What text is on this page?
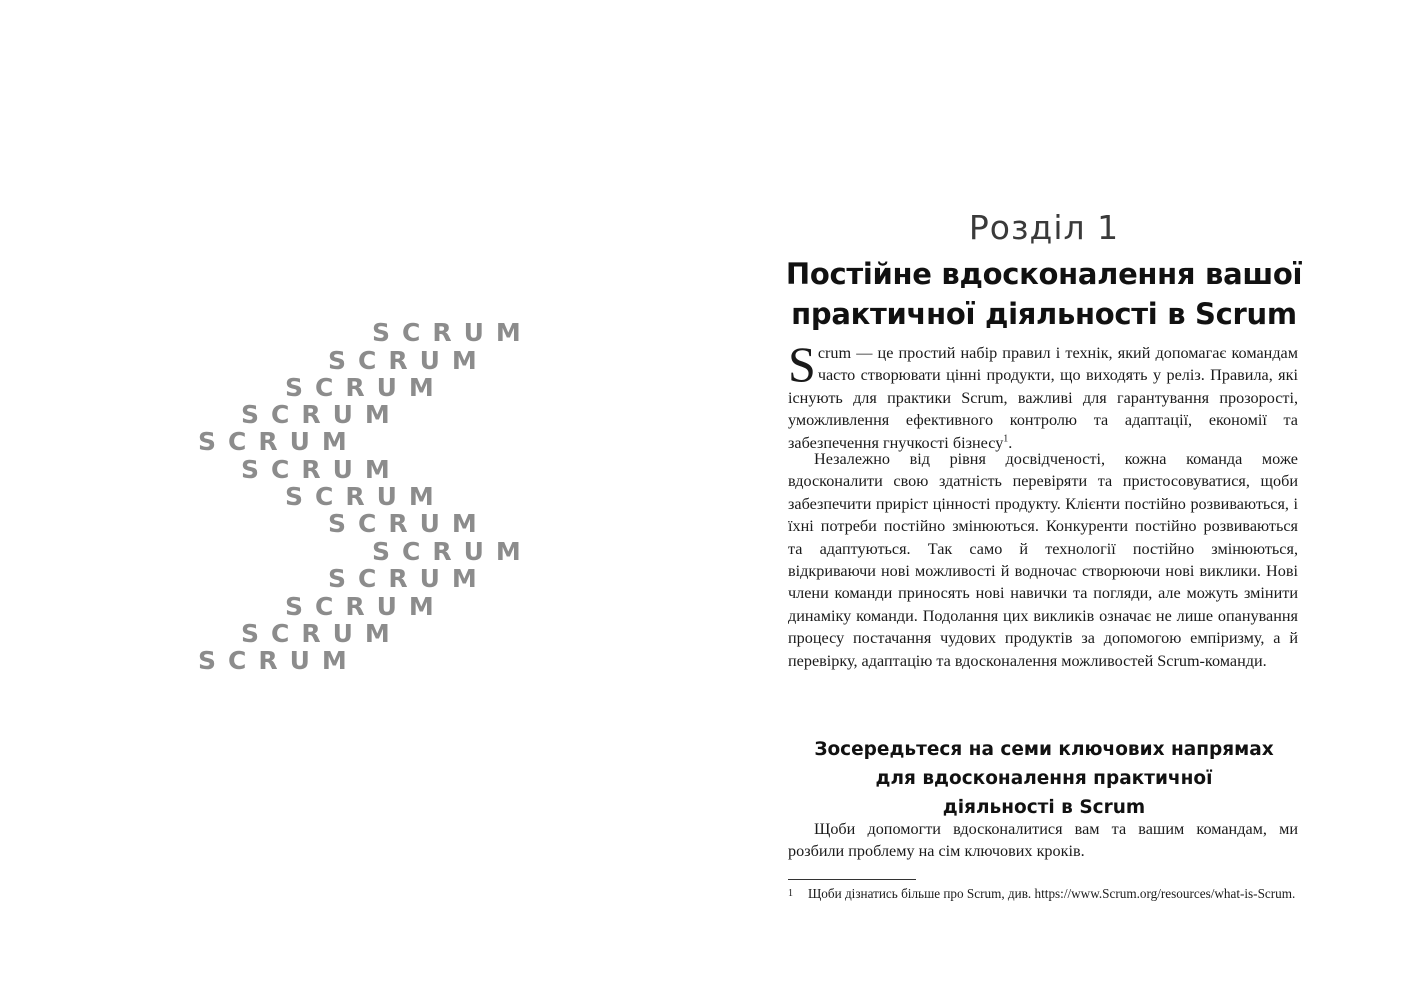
SCRUM
SCRUM
SCRUM
SCRUM
SCRUM
SCRUM
SCRUM
SCRUM
SCRUM
SCRUM
SCRUM
SCRUM
SCRUM
Розділ 1
Постійне вдосконалення вашої
практичної діяльності в Scrum

Scrum — це простий набір правил і технік, який допомагає командам часто створювати цінні продукти, що виходять у реліз. Правила, які існують для практики Scrum, важливі для гарантування прозорості, уможливлення ефективного контролю та адаптації, економії та забезпечення гнучкості бізнесу$^1$.

Незалежно від рівня досвідченості, кожна команда може вдосконалити свою здатність перевіряти та пристосовуватися, щоби забезпечити приріст цінності продукту. Клієнти постійно розвиваються, і їхні потреби постійно змінюються. Конкуренти постійно розвиваються та адаптуються. Так само й технології постійно змінюються, відкриваючи нові можливості й водночас створюючи нові виклики. Нові члени команди приносять нові навички та погляди, але можуть змінити динаміку команди. Подолання цих викликів означає не лише опанування процесу постачання чудових продуктів за допомогою емпіризму, а й перевірку, адаптацію та вдосконалення можливостей Scrum-команди.

Зосередьтеся на семи ключових напрямах
для вдосконалення практичної
діяльності в Scrum

Щоби допомогти вдосконалитися вам та вашим командам, ми розбили проблему на сім ключових кроків.

1 Щоби дізнатись більше про Scrum, див. https://www.Scrum.org/resources/what-is-Scrum.
